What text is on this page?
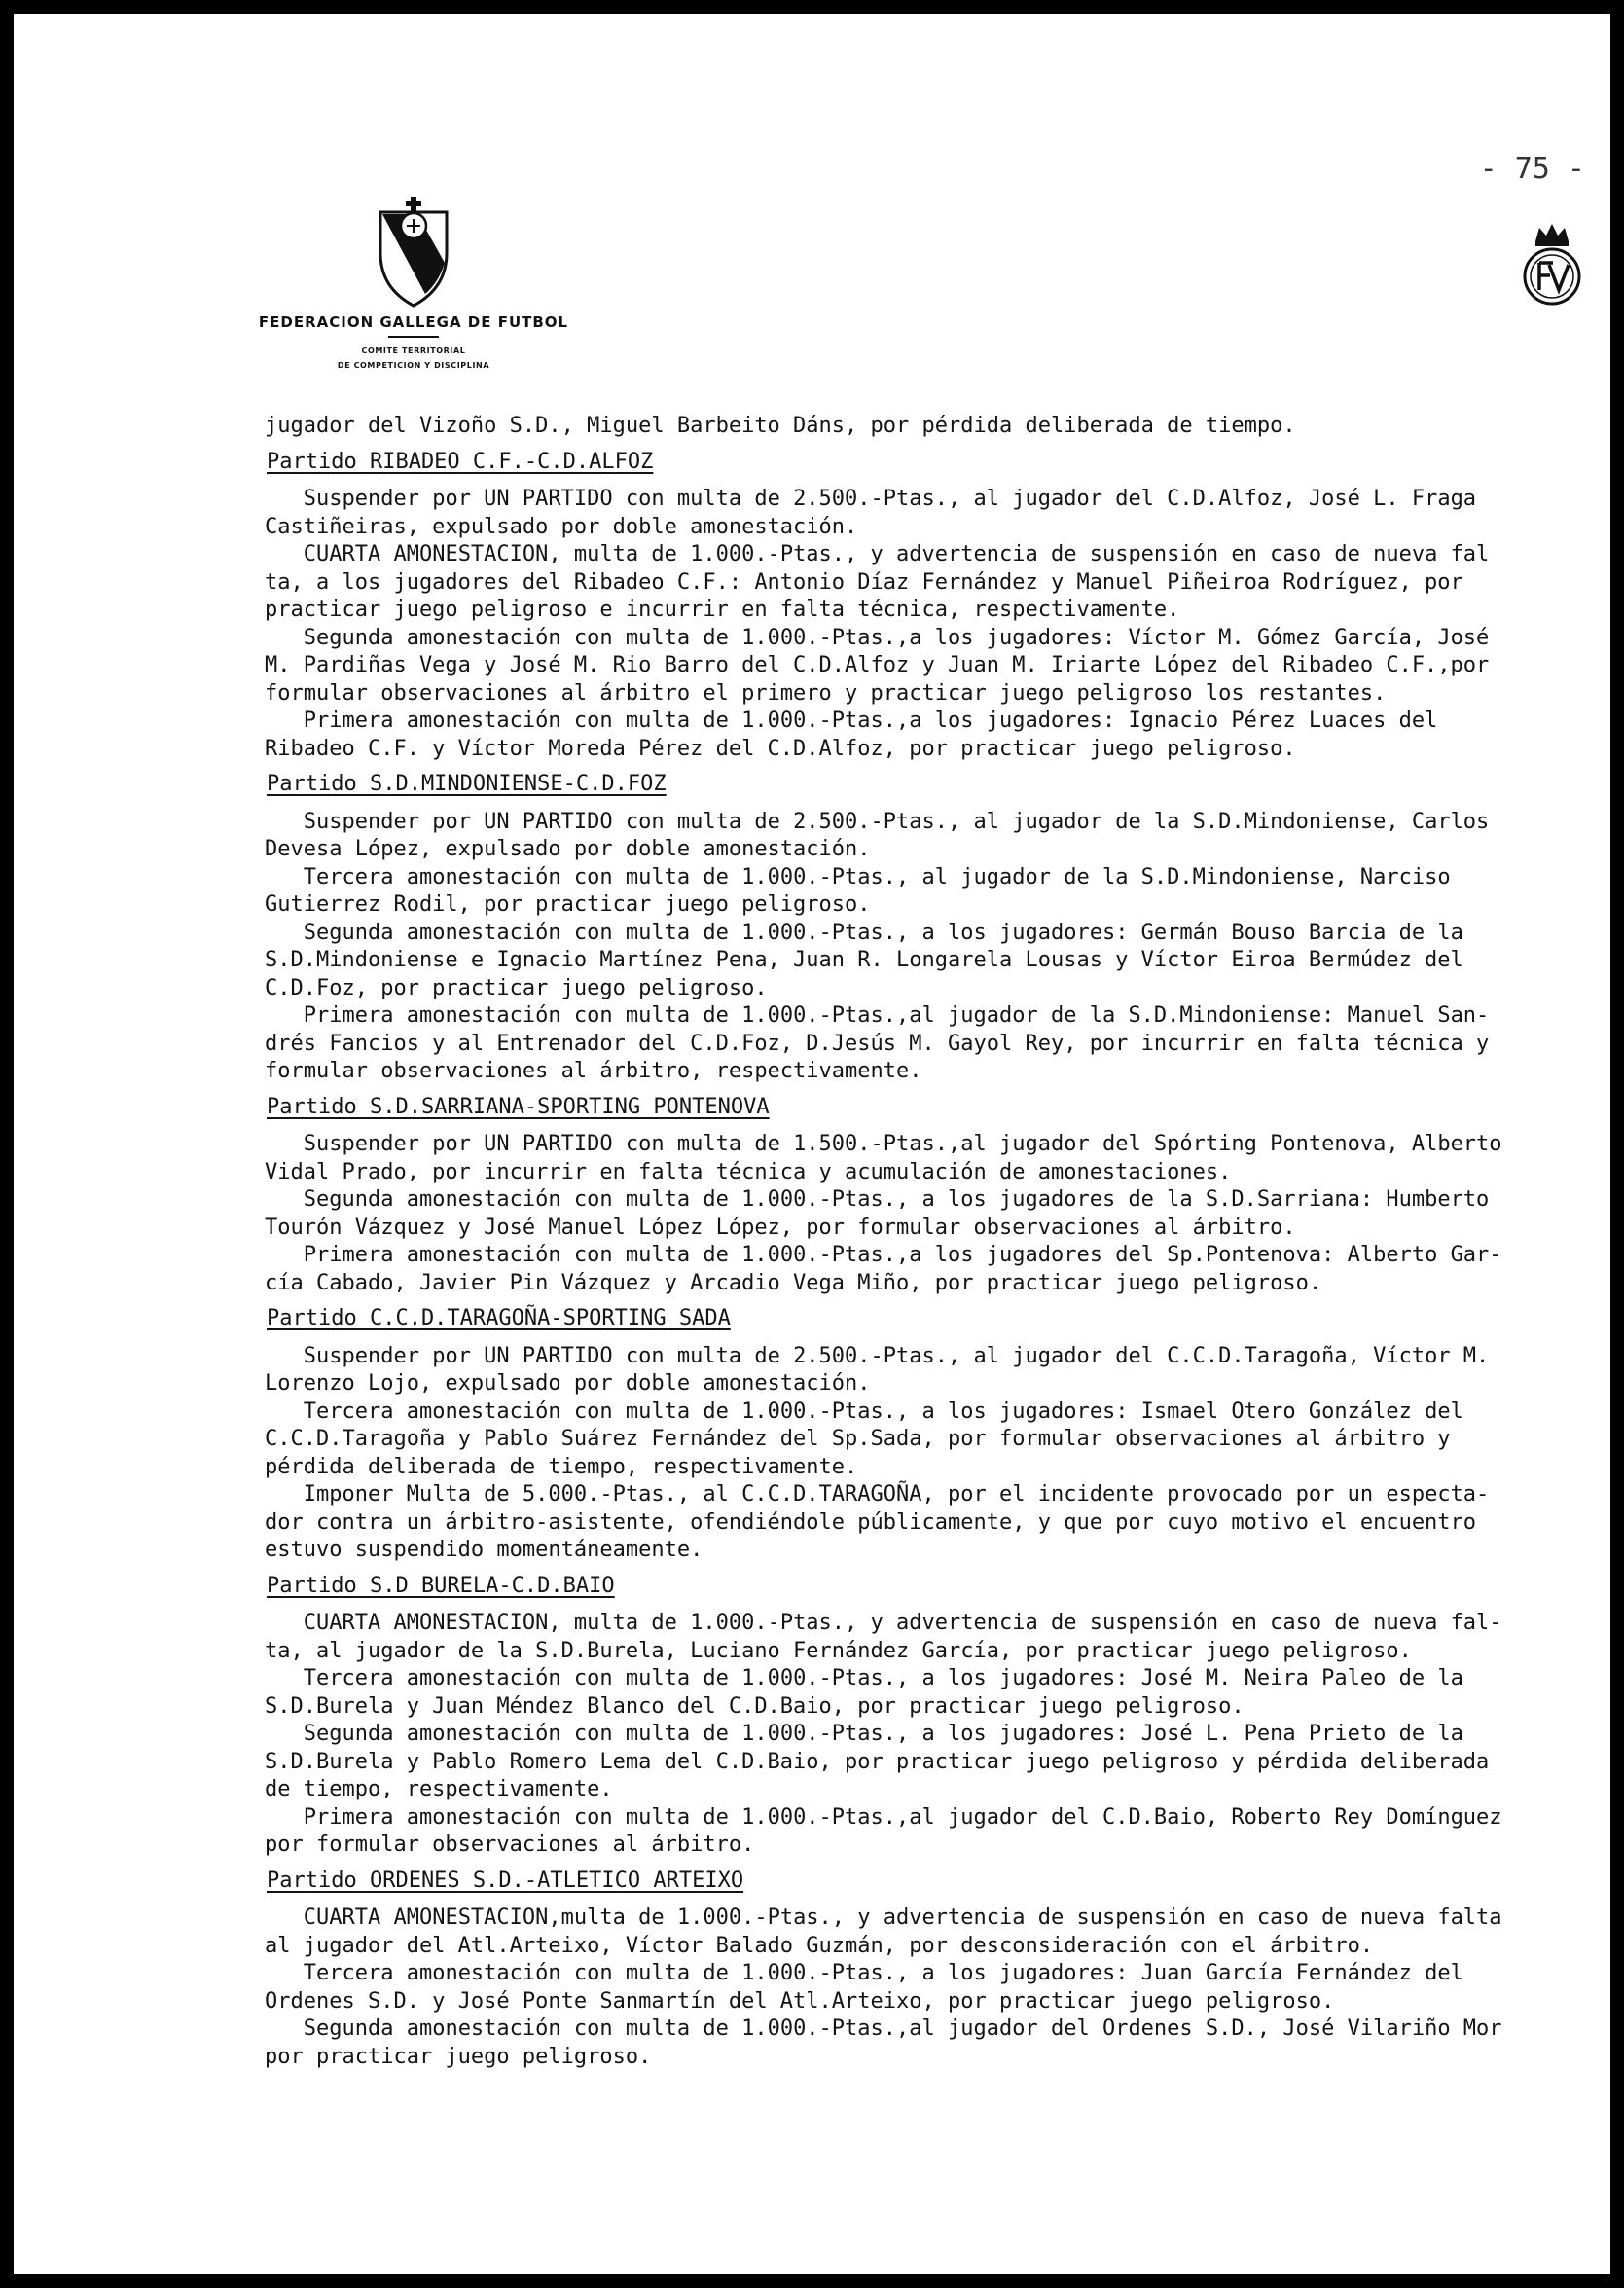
- 75 -
FEDERACION GALLEGA DE FUTBOL
COMITE TERRITORIAL
DE COMPETICION Y DISCIPLINA

jugador del Vizoño S.D., Miguel Barbeito Dáns, por pérdida deliberada de tiempo.

Partido RIBADEO C.F.-C.D.ALFOZ

Suspender por UN PARTIDO con multa de 2.500.-Ptas., al jugador del C.D.Alfoz, José L. Fraga

Castiñeiras, expulsado por doble amonestación.

CUARTA AMONESTACION, multa de 1.000.-Ptas., y advertencia de suspensión en caso de nueva fal

ta, a los jugadores del Ribadeo C.F.: Antonio Díaz Fernández y Manuel Piñeiroa Rodríguez, por

practicar juego peligroso e incurrir en falta técnica, respectivamente.

Segunda amonestación con multa de 1.000.-Ptas.,a los jugadores: Víctor M. Gómez García, José

M. Pardiñas Vega y José M. Rio Barro del C.D.Alfoz y Juan M. Iriarte López del Ribadeo C.F.,por

formular observaciones al árbitro el primero y practicar juego peligroso los restantes.

Primera amonestación con multa de 1.000.-Ptas.,a los jugadores: Ignacio Pérez Luaces del

Ribadeo C.F. y Víctor Moreda Pérez del C.D.Alfoz, por practicar juego peligroso.

Partido S.D.MINDONIENSE-C.D.FOZ

Suspender por UN PARTIDO con multa de 2.500.-Ptas., al jugador de la S.D.Mindoniense, Carlos

Devesa López, expulsado por doble amonestación.

Tercera amonestación con multa de 1.000.-Ptas., al jugador de la S.D.Mindoniense, Narciso

Gutierrez Rodil, por practicar juego peligroso.

Segunda amonestación con multa de 1.000.-Ptas., a los jugadores: Germán Bouso Barcia de la

S.D.Mindoniense e Ignacio Martínez Pena, Juan R. Longarela Lousas y Víctor Eiroa Bermúdez del

C.D.Foz, por practicar juego peligroso.

Primera amonestación con multa de 1.000.-Ptas.,al jugador de la S.D.Mindoniense: Manuel San-

drés Fancios y al Entrenador del C.D.Foz, D.Jesús M. Gayol Rey, por incurrir en falta técnica y

formular observaciones al árbitro, respectivamente.

Partido S.D.SARRIANA-SPORTING PONTENOVA

Suspender por UN PARTIDO con multa de 1.500.-Ptas.,al jugador del Spórting Pontenova, Alberto

Vidal Prado, por incurrir en falta técnica y acumulación de amonestaciones.

Segunda amonestación con multa de 1.000.-Ptas., a los jugadores de la S.D.Sarriana: Humberto

Tourón Vázquez y José Manuel López López, por formular observaciones al árbitro.

Primera amonestación con multa de 1.000.-Ptas.,a los jugadores del Sp.Pontenova: Alberto Gar-

cía Cabado, Javier Pin Vázquez y Arcadio Vega Miño, por practicar juego peligroso.

Partido C.C.D.TARAGOÑA-SPORTING SADA

Suspender por UN PARTIDO con multa de 2.500.-Ptas., al jugador del C.C.D.Taragoña, Víctor M.

Lorenzo Lojo, expulsado por doble amonestación.

Tercera amonestación con multa de 1.000.-Ptas., a los jugadores: Ismael Otero González del

C.C.D.Taragoña y Pablo Suárez Fernández del Sp.Sada, por formular observaciones al árbitro y

pérdida deliberada de tiempo, respectivamente.

Imponer Multa de 5.000.-Ptas., al C.C.D.TARAGOÑA, por el incidente provocado por un especta-

dor contra un árbitro-asistente, ofendiéndole públicamente, y que por cuyo motivo el encuentro

estuvo suspendido momentáneamente.

Partido S.D BURELA-C.D.BAIO

CUARTA AMONESTACION, multa de 1.000.-Ptas., y advertencia de suspensión en caso de nueva fal-

ta, al jugador de la S.D.Burela, Luciano Fernández García, por practicar juego peligroso.

Tercera amonestación con multa de 1.000.-Ptas., a los jugadores: José M. Neira Paleo de la

S.D.Burela y Juan Méndez Blanco del C.D.Baio, por practicar juego peligroso.

Segunda amonestación con multa de 1.000.-Ptas., a los jugadores: José L. Pena Prieto de la

S.D.Burela y Pablo Romero Lema del C.D.Baio, por practicar juego peligroso y pérdida deliberada

de tiempo, respectivamente.

Primera amonestación con multa de 1.000.-Ptas.,al jugador del C.D.Baio, Roberto Rey Domínguez

por formular observaciones al árbitro.

Partido ORDENES S.D.-ATLETICO ARTEIXO

CUARTA AMONESTACION,multa de 1.000.-Ptas., y advertencia de suspensión en caso de nueva falta

al jugador del Atl.Arteixo, Víctor Balado Guzmán, por desconsideración con el árbitro.

Tercera amonestación con multa de 1.000.-Ptas., a los jugadores: Juan García Fernández del

Ordenes S.D. y José Ponte Sanmartín del Atl.Arteixo, por practicar juego peligroso.

Segunda amonestación con multa de 1.000.-Ptas.,al jugador del Ordenes S.D., José Vilariño Mor

por practicar juego peligroso.
